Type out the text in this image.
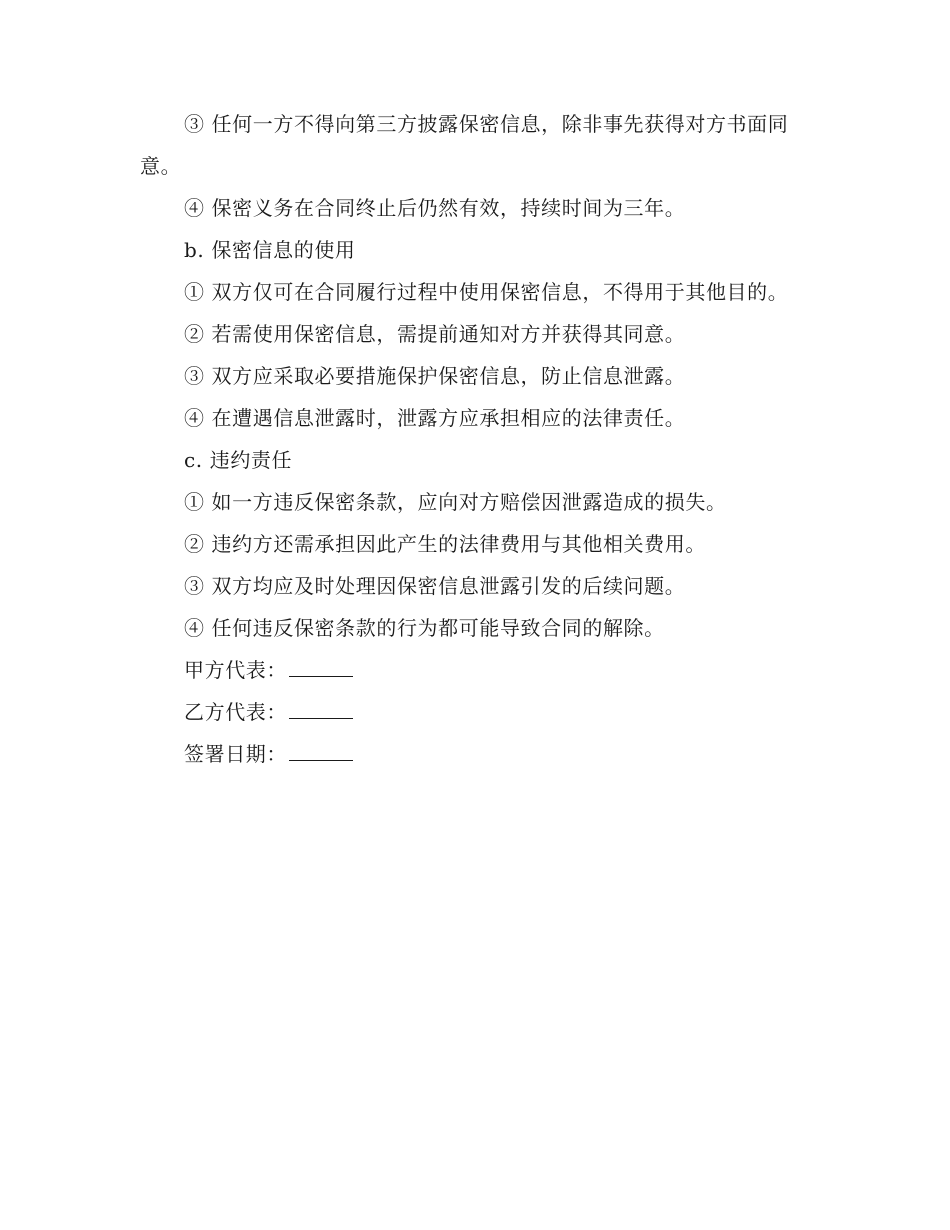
③ 任何一方不得向第三方披露保密信息，除非事先获得对方书面同意。

④ 保密义务在合同终止后仍然有效，持续时间为三年。

b. 保密信息的使用

① 双方仅可在合同履行过程中使用保密信息，不得用于其他目的。

② 若需使用保密信息，需提前通知对方并获得其同意。

③ 双方应采取必要措施保护保密信息，防止信息泄露。

④ 在遭遇信息泄露时，泄露方应承担相应的法律责任。

c. 违约责任

① 如一方违反保密条款，应向对方赔偿因泄露造成的损失。

② 违约方还需承担因此产生的法律费用与其他相关费用。

③ 双方均应及时处理因保密信息泄露引发的后续问题。

④ 任何违反保密条款的行为都可能导致合同的解除。

甲方代表：

乙方代表：

签署日期：
